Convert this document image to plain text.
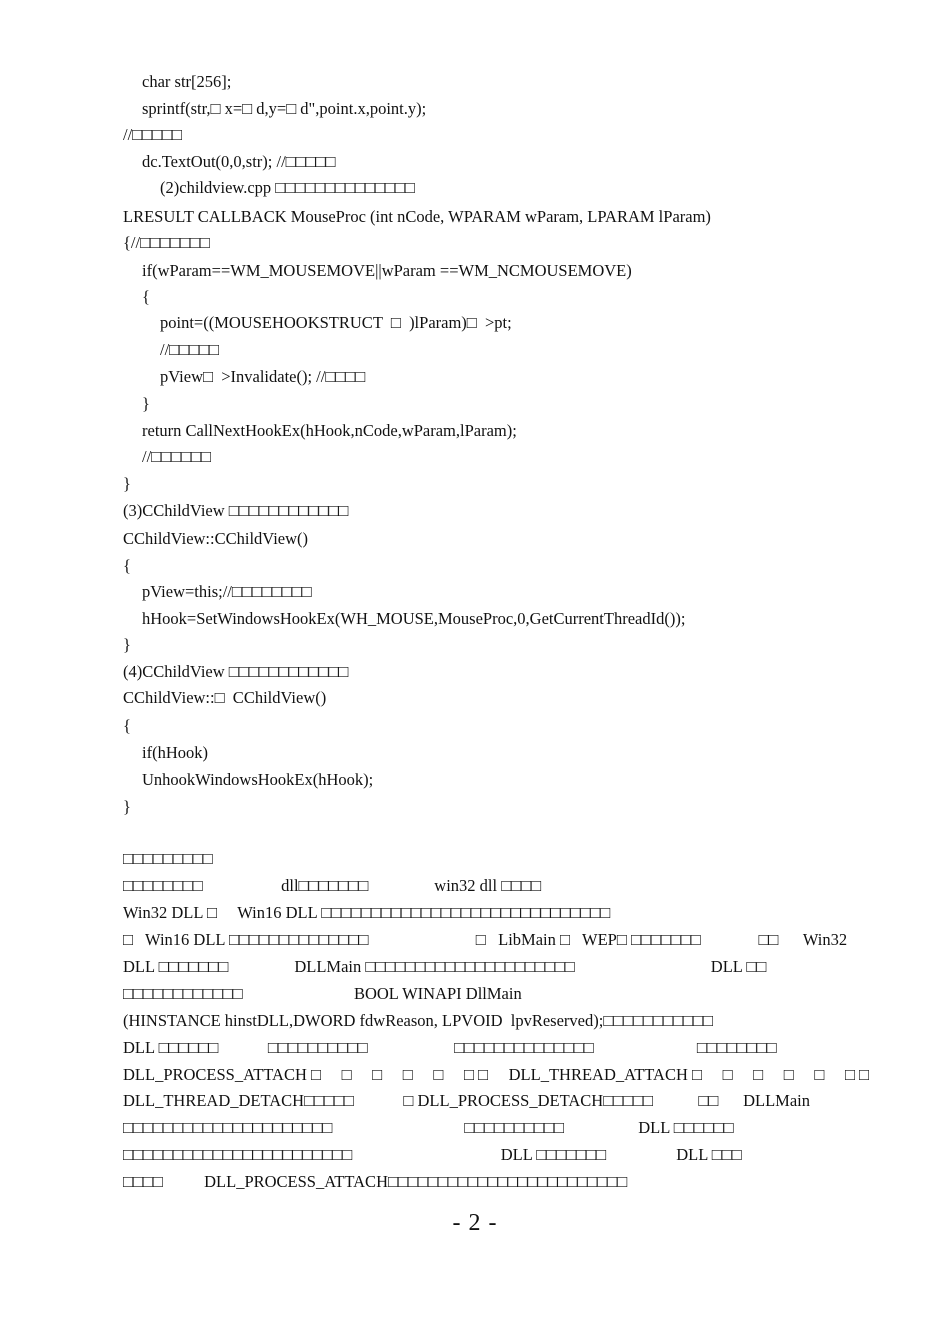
char str[256];
sprintf(str,□ x=□ d,y=□ d",point.x,point.y);
//□□□□□
dc.TextOut(0,0,str); //□□□□□
(2)childview.cpp □□□□□□□□□□□□□□
LRESULT CALLBACK MouseProc (int nCode, WPARAM wParam, LPARAM lParam)
{//□□□□□□□
if(wParam==WM_MOUSEMOVE||wParam ==WM_NCMOUSEMOVE)
{
point=((MOUSEHOOKSTRUCT  □  )lParam)□  >pt;
//□□□□□
pView□  >Invalidate(); //□□□□
}
return CallNextHookEx(hHook,nCode,wParam,lParam);
//□□□□□□
}
(3)CChildView □□□□□□□□□□□□
CChildView::CChildView()
{
pView=this;//□□□□□□□□
hHook=SetWindowsHookEx(WH_MOUSE,MouseProc,0,GetCurrentThreadId());
}
(4)CChildView □□□□□□□□□□□□
CChildView::□  CChildView()
{
if(hHook)
UnhookWindowsHookEx(hHook);
}
□□□□□□□□□
□□□□□□□□                   dll□□□□□□□                win32 dll □□□□
Win32 DLL □     Win16 DLL □□□□□□□□□□□□□□□□□□□□□□□□□□□□□
□   Win16 DLL □□□□□□□□□□□□□□                          □   LibMain □   WEP□ □□□□□□□              □□      Win32
DLL □□□□□□□                DLLMain □□□□□□□□□□□□□□□□□□□□□                                 DLL □□
□□□□□□□□□□□□                           BOOL WINAPI DllMain
(HINSTANCE hinstDLL,DWORD fdwReason, LPVOID  lpvReserved);□□□□□□□□□□□
DLL □□□□□□            □□□□□□□□□□                     □□□□□□□□□□□□□□                         □□□□□□□□
DLL_PROCESS_ATTACH □     □     □     □     □     □ □     DLL_THREAD_ATTACH □     □     □     □     □     □ □
DLL_THREAD_DETACH□□□□□            □ DLL_PROCESS_DETACH□□□□□           □□      DLLMain
□□□□□□□□□□□□□□□□□□□□□                                □□□□□□□□□□                  DLL □□□□□□
□□□□□□□□□□□□□□□□□□□□□□□                                    DLL □□□□□□□                 DLL □□□
□□□□          DLL_PROCESS_ATTACH□□□□□□□□□□□□□□□□□□□□□□□□
- 2 -
